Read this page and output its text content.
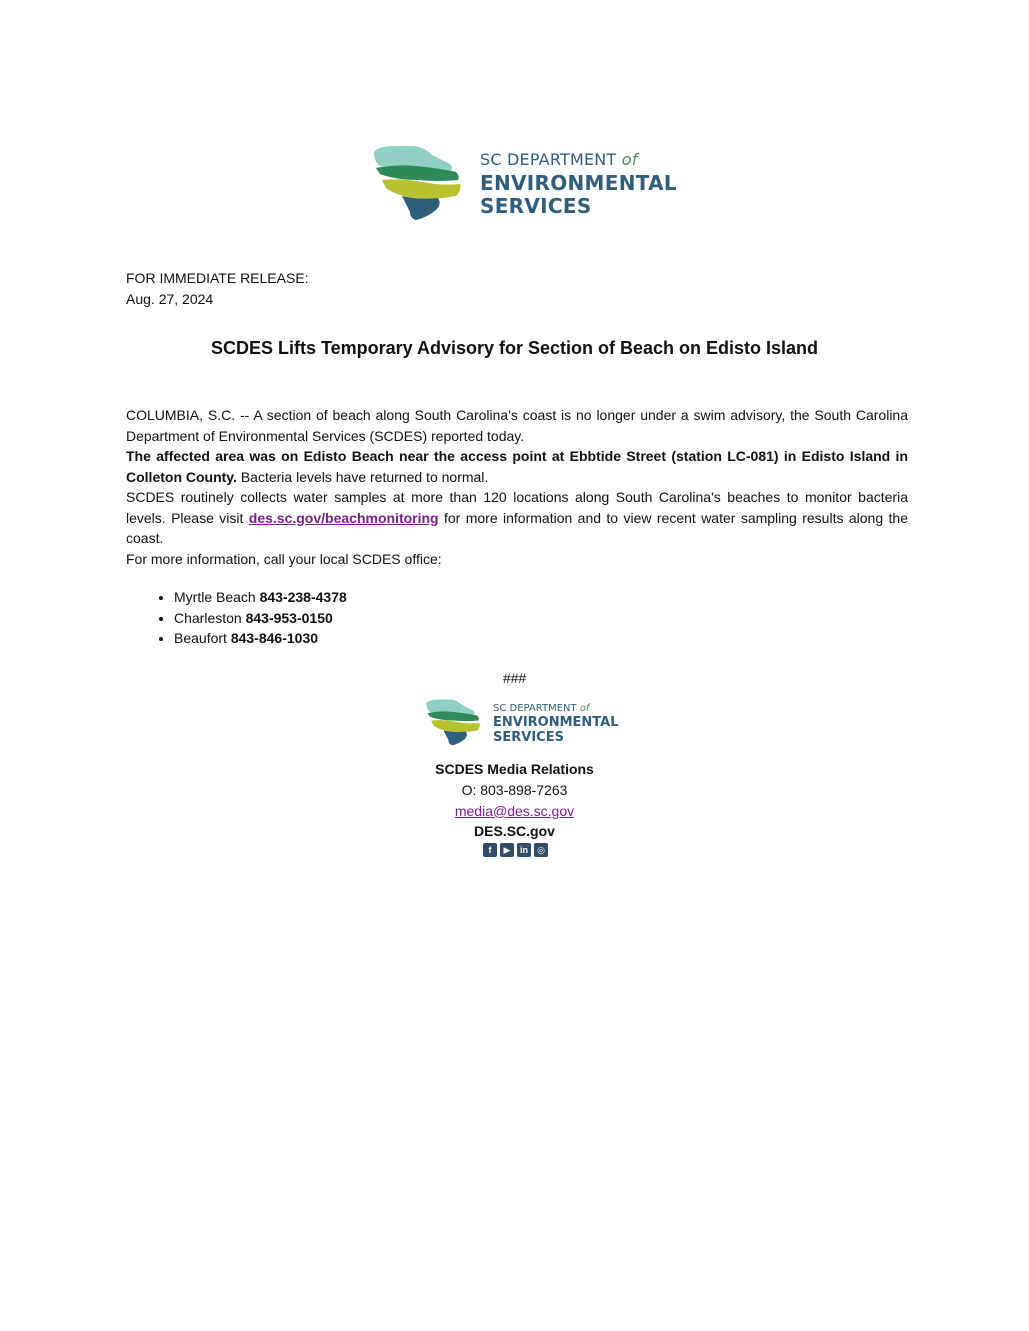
SC DEPARTMENT of
ENVIRONMENTAL
SERVICES
FOR IMMEDIATE RELEASE:
Aug. 27, 2024
SCDES Lifts Temporary Advisory for Section of Beach on Edisto Island

COLUMBIA, S.C. -- A section of beach along South Carolina's coast is no longer under a swim advisory, the South Carolina Department of Environmental Services (SCDES) reported today.

The affected area was on Edisto Beach near the access point at Ebbtide Street (station LC-081) in Edisto Island in Colleton County. Bacteria levels have returned to normal.

SCDES routinely collects water samples at more than 120 locations along South Carolina's beaches to monitor bacteria levels. Please visit des.sc.gov/beachmonitoring for more information and to view recent water sampling results along the coast.

For more information, call your local SCDES office:

• Myrtle Beach 843-238-4378
• Charleston 843-953-0150
• Beaufort 843-846-1030
###
SC DEPARTMENT of
ENVIRONMENTAL
SERVICES
SCDES Media Relations
O: 803-898-7263
media@des.sc.gov
DES.SC.gov
f	▶	in	◎
